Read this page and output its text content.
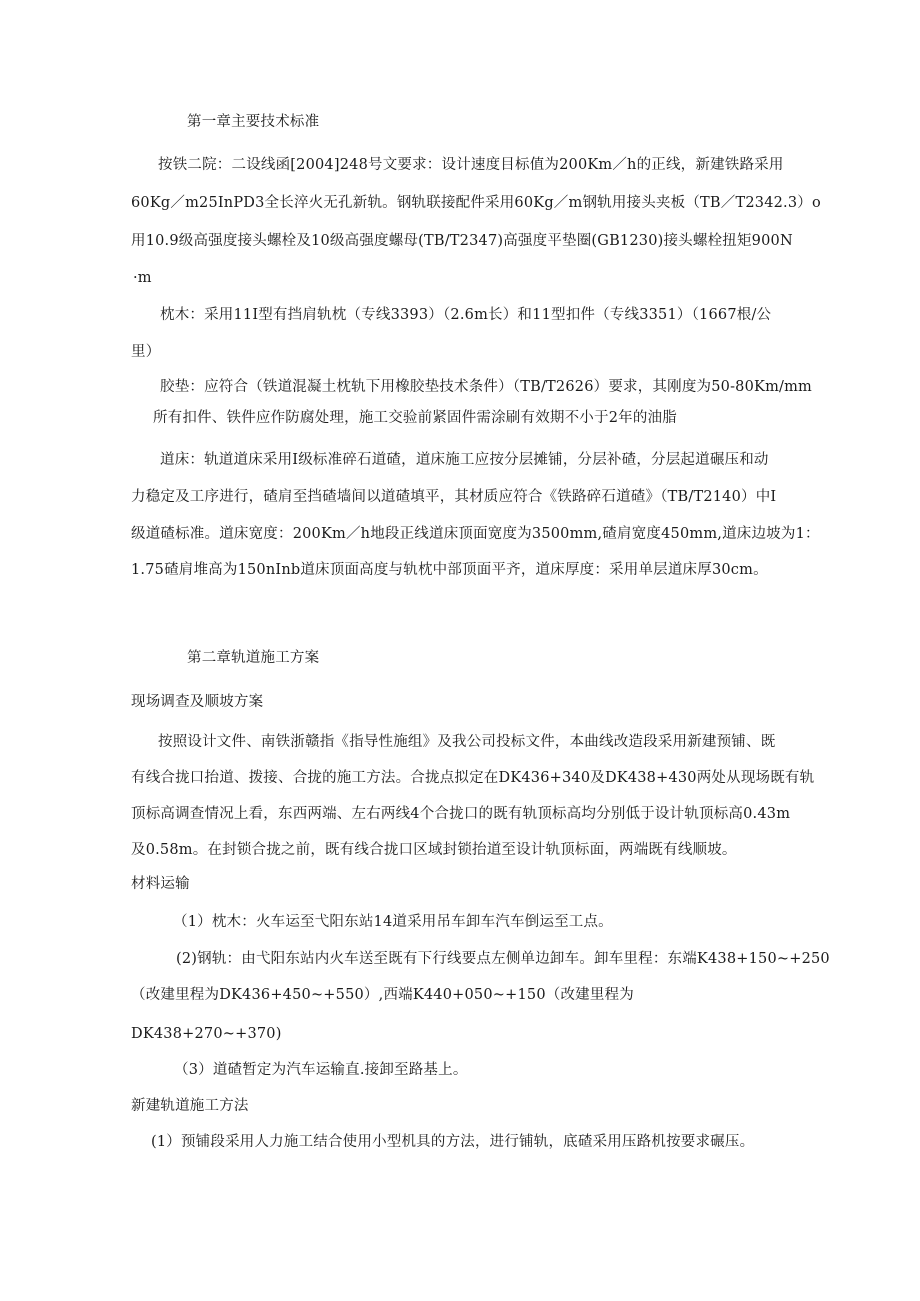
第一章主要技术标准
按铁二院：二设线函[2004]248号文要求：设计速度目标值为200Km／h的正线，新建铁路采用
60Kg／m25InPD3全长淬火无孔新轨。钢轨联接配件采用60Kg／m钢轨用接头夹板（TB／T2342.3）o
用10.9级高强度接头螺栓及10级高强度螺母(TB/T2347)高强度平垫圈(GB1230)接头螺栓扭矩900N
·m
枕木：采用11I型有挡肩轨枕（专线3393）（2.6m长）和11型扣件（专线3351）（1667根/公
里）
胶垫：应符合（铁道混凝土枕轨下用橡胶垫技术条件）（TB/T2626）要求，其刚度为50-80Km/mm
所有扣件、铁件应作防腐处理，施工交验前紧固件需涂刷有效期不小于2年的油脂
道床：轨道道床采用Ⅰ级标准碎石道碴，道床施工应按分层摊铺，分层补碴，分层起道碾压和动
力稳定及工序进行，碴肩至挡碴墙间以道碴填平，其材质应符合《铁路碎石道碴》（TB/T2140）中Ⅰ
级道碴标准。道床宽度：200Km／h地段正线道床顶面宽度为3500mm,碴肩宽度450mm,道床边坡为1：
1.75碴肩堆高为150nInb道床顶面高度与轨枕中部顶面平齐，道床厚度：采用单层道床厚30cm。
第二章轨道施工方案
现场调查及顺坡方案
按照设计文件、南铁浙赣指《指导性施组》及我公司投标文件，本曲线改造段采用新建预铺、既
有线合拢口抬道、拨接、合拢的施工方法。合拢点拟定在DK436+340及DK438+430两处从现场既有轨
顶标高调查情况上看，东西两端、左右两线4个合拢口的既有轨顶标高均分别低于设计轨顶标高0.43m
及0.58m。在封锁合拢之前，既有线合拢口区域封锁抬道至设计轨顶标面，两端既有线顺坡。
材料运输
（1）枕木：火车运至弋阳东站14道采用吊车卸车汽车倒运至工点。
(2)钢轨：由弋阳东站内火车送至既有下行线要点左侧单边卸车。卸车里程：东端K438+150~+250
（改建里程为DK436+450~+550）,西端K440+050~+150（改建里程为
DK438+270~+370)
（3）道碴暂定为汽车运输直.接卸至路基上。
新建轨道施工方法
(1）预铺段采用人力施工结合使用小型机具的方法，进行铺轨，底碴采用压路机按要求碾压。
